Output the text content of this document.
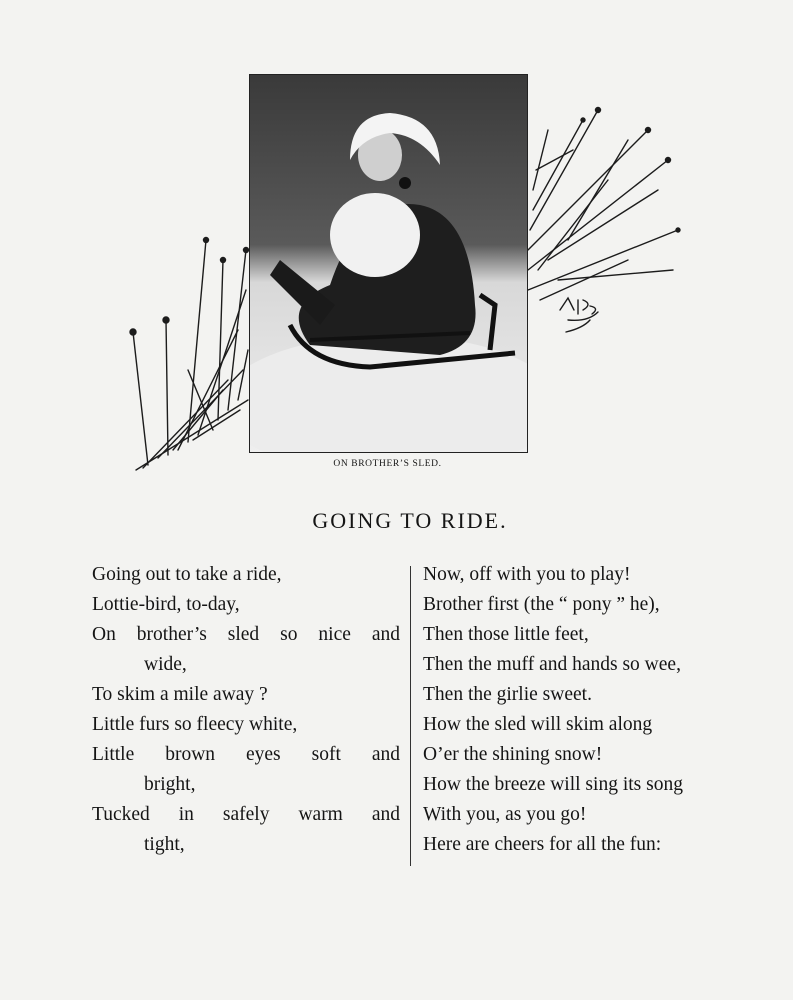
ON BROTHER’S SLED.
GOING TO RIDE.
Going out to take a ride,
Lottie-bird, to-day,
On brother’s sled so nice and
wide,
To skim a mile away ?
Little furs so fleecy white,
Little brown eyes soft and
bright,
Tucked in safely warm and
tight,
Now, off with you to play!
Brother first (the “ pony ” he),
Then those little feet,
Then the muff and hands so wee,
Then the girlie sweet.
How the sled will skim along
O’er the shining snow!
How the breeze will sing its song
With you, as you go!
Here are cheers for all the fun:
